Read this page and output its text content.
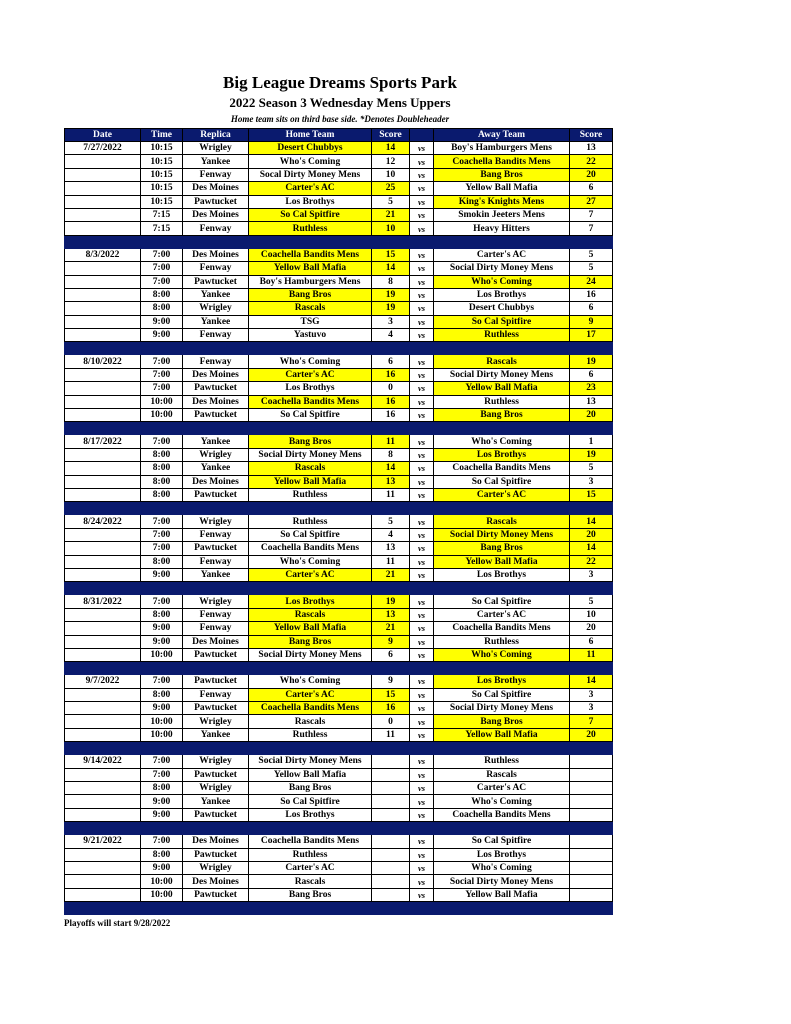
Big League Dreams Sports Park
2022 Season 3 Wednesday Mens Uppers
Home team sits on third base side. *Denotes Doubleheader
Date	Time	Replica	Home Team	Score		Away Team	Score
7/27/2022	10:15	Wrigley	Desert Chubbys	14	vs	Boy's Hamburgers Mens	13
	10:15	Yankee	Who's Coming	12	vs	Coachella Bandits Mens	22
	10:15	Fenway	Socal Dirty Money Mens	10	vs	Bang Bros	20
	10:15	Des Moines	Carter's AC	25	vs	Yellow Ball Mafia	6
	10:15	Pawtucket	Los Brothys	5	vs	King's Knights Mens	27
	7:15	Des Moines	So Cal Spitfire	21	vs	Smokin Jeeters Mens	7
	7:15	Fenway	Ruthless	10	vs	Heavy Hitters	7

8/3/2022	7:00	Des Moines	Coachella Bandits Mens	15	vs	Carter's AC	5
	7:00	Fenway	Yellow Ball Mafia	14	vs	Social Dirty Money Mens	5
	7:00	Pawtucket	Boy's Hamburgers Mens	8	vs	Who's Coming	24
	8:00	Yankee	Bang Bros	19	vs	Los Brothys	16
	8:00	Wrigley	Rascals	19	vs	Desert Chubbys	6
	9:00	Yankee	TSG	3	vs	So Cal Spitfire	9
	9:00	Fenway	Yastuvo	4	vs	Ruthless	17

8/10/2022	7:00	Fenway	Who's Coming	6	vs	Rascals	19
	7:00	Des Moines	Carter's AC	16	vs	Social Dirty Money Mens	6
	7:00	Pawtucket	Los Brothys	0	vs	Yellow Ball Mafia	23
	10:00	Des Moines	Coachella Bandits Mens	16	vs	Ruthless	13
	10:00	Pawtucket	So Cal Spitfire	16	vs	Bang Bros	20

8/17/2022	7:00	Yankee	Bang Bros	11	vs	Who's Coming	1
	8:00	Wrigley	Social Dirty Money Mens	8	vs	Los Brothys	19
	8:00	Yankee	Rascals	14	vs	Coachella Bandits Mens	5
	8:00	Des Moines	Yellow Ball Mafia	13	vs	So Cal Spitfire	3
	8:00	Pawtucket	Ruthless	11	vs	Carter's AC	15

8/24/2022	7:00	Wrigley	Ruthless	5	vs	Rascals	14
	7:00	Fenway	So Cal Spitfire	4	vs	Social Dirty Money Mens	20
	7:00	Pawtucket	Coachella Bandits Mens	13	vs	Bang Bros	14
	8:00	Fenway	Who's Coming	11	vs	Yellow Ball Mafia	22
	9:00	Yankee	Carter's AC	21	vs	Los Brothys	3

8/31/2022	7:00	Wrigley	Los Brothys	19	vs	So Cal Spitfire	5
	8:00	Fenway	Rascals	13	vs	Carter's AC	10
	9:00	Fenway	Yellow Ball Mafia	21	vs	Coachella Bandits Mens	20
	9:00	Des Moines	Bang Bros	9	vs	Ruthless	6
	10:00	Pawtucket	Social Dirty Money Mens	6	vs	Who's Coming	11

9/7/2022	7:00	Pawtucket	Who's Coming	9	vs	Los Brothys	14
	8:00	Fenway	Carter's AC	15	vs	So Cal Spitfire	3
	9:00	Pawtucket	Coachella Bandits Mens	16	vs	Social Dirty Money Mens	3
	10:00	Wrigley	Rascals	0	vs	Bang Bros	7
	10:00	Yankee	Ruthless	11	vs	Yellow Ball Mafia	20

9/14/2022	7:00	Wrigley	Social Dirty Money Mens		vs	Ruthless	
	7:00	Pawtucket	Yellow Ball Mafia		vs	Rascals	
	8:00	Wrigley	Bang Bros		vs	Carter's AC	
	9:00	Yankee	So Cal Spitfire		vs	Who's Coming	
	9:00	Pawtucket	Los Brothys		vs	Coachella Bandits Mens	

9/21/2022	7:00	Des Moines	Coachella Bandits Mens		vs	So Cal Spitfire	
	8:00	Pawtucket	Ruthless		vs	Los Brothys	
	9:00	Wrigley	Carter's AC		vs	Who's Coming	
	10:00	Des Moines	Rascals		vs	Social Dirty Money Mens	
	10:00	Pawtucket	Bang Bros		vs	Yellow Ball Mafia	

Playoffs will start 9/28/2022
